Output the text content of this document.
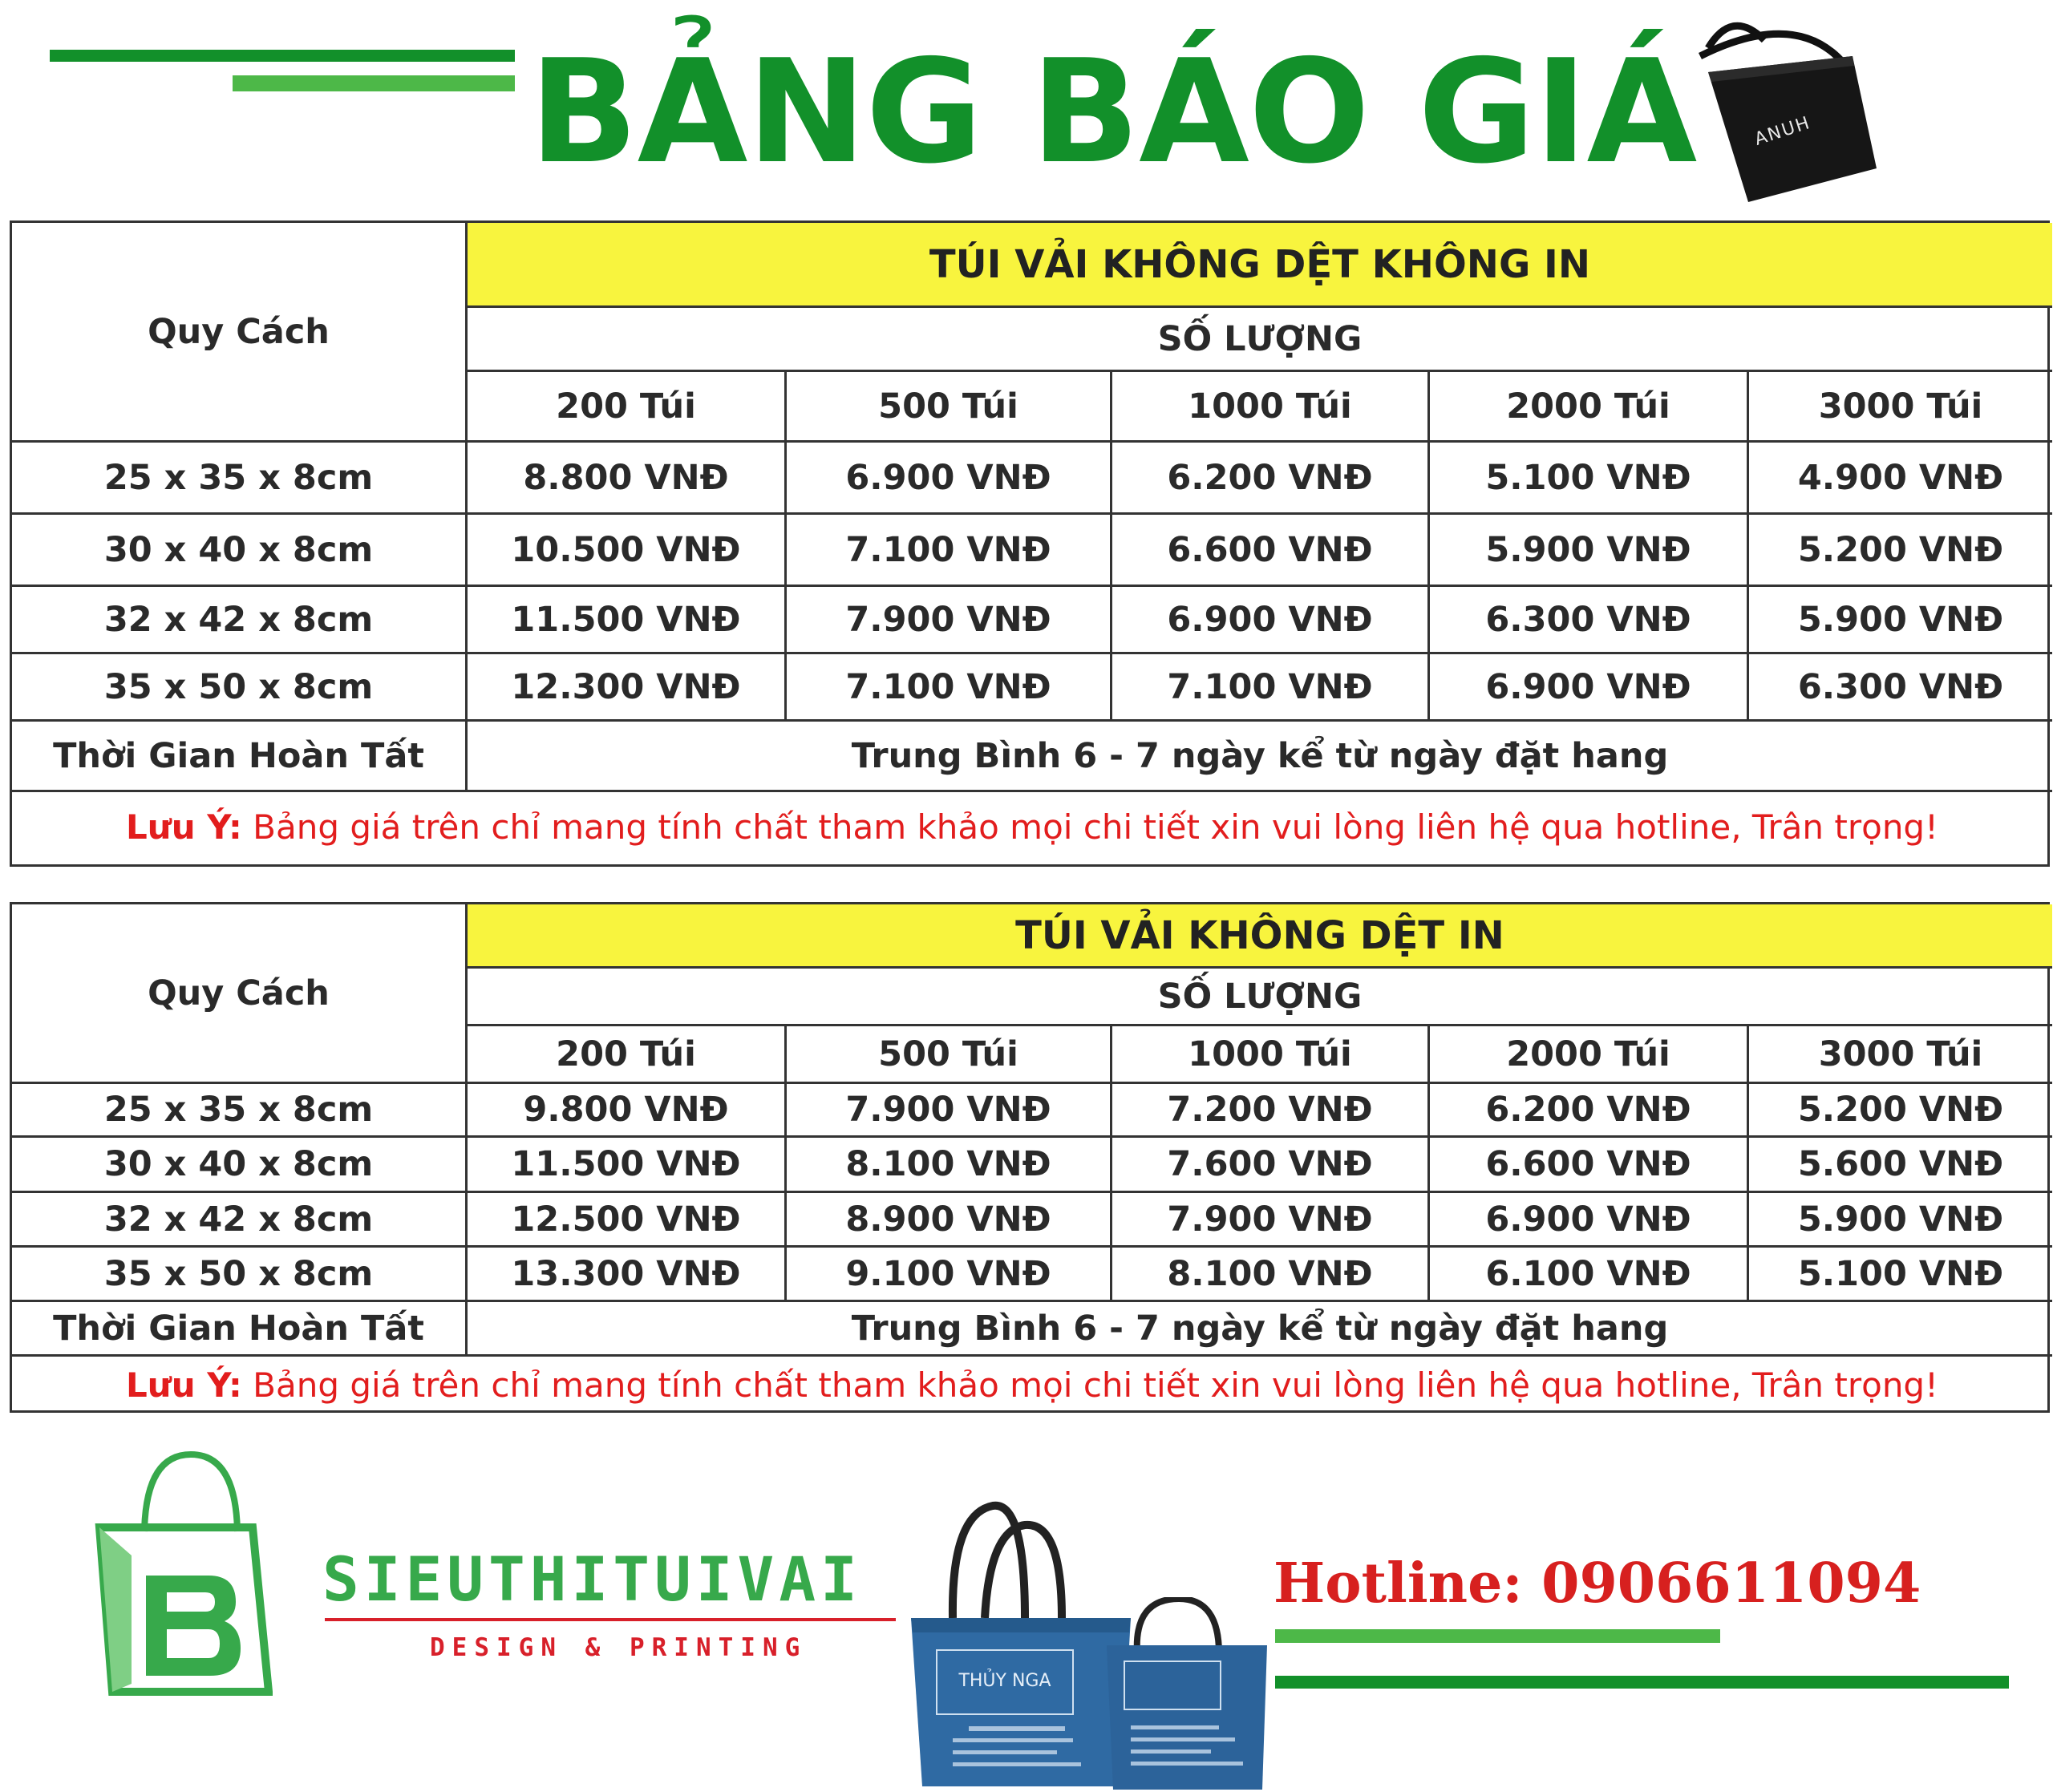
BẢNG BÁO GIÁ	ANUH
Quy Cách
TÚI VẢI KHÔNG DỆT KHÔNG IN
SỐ LƯỢNG
200 Túi	500 Túi	1000 Túi	2000 Túi	3000 Túi
25 x 35 x 8cm	8.800 VNĐ	6.900 VNĐ	6.200 VNĐ	5.100 VNĐ	4.900 VNĐ
30 x 40 x 8cm	10.500 VNĐ	7.100 VNĐ	6.600 VNĐ	5.900 VNĐ	5.200 VNĐ
32 x 42 x 8cm	11.500 VNĐ	7.900 VNĐ	6.900 VNĐ	6.300 VNĐ	5.900 VNĐ
35 x 50 x 8cm	12.300 VNĐ	7.100 VNĐ	7.100 VNĐ	6.900 VNĐ	6.300 VNĐ
Thời Gian Hoàn Tất	Trung Bình 6 - 7 ngày kể từ ngày đặt hang
Lưu Ý: Bảng giá trên chỉ mang tính chất tham khảo mọi chi tiết xin vui lòng liên hệ qua hotline, Trân trọng!
Quy Cách
TÚI VẢI KHÔNG DỆT IN
SỐ LƯỢNG
200 Túi	500 Túi	1000 Túi	2000 Túi	3000 Túi
25 x 35 x 8cm	9.800 VNĐ	7.900 VNĐ	7.200 VNĐ	6.200 VNĐ	5.200 VNĐ
30 x 40 x 8cm	11.500 VNĐ	8.100 VNĐ	7.600 VNĐ	6.600 VNĐ	5.600 VNĐ
32 x 42 x 8cm	12.500 VNĐ	8.900 VNĐ	7.900 VNĐ	6.900 VNĐ	5.900 VNĐ
35 x 50 x 8cm	13.300 VNĐ	9.100 VNĐ	8.100 VNĐ	6.100 VNĐ	5.100 VNĐ
Thời Gian Hoàn Tất	Trung Bình 6 - 7 ngày kể từ ngày đặt hang
Lưu Ý: Bảng giá trên chỉ mang tính chất tham khảo mọi chi tiết xin vui lòng liên hệ qua hotline, Trân trọng!
SIEUTHITUIVAI
DESIGN & PRINTING
THỦY NGA
Hotline: 0906611094
